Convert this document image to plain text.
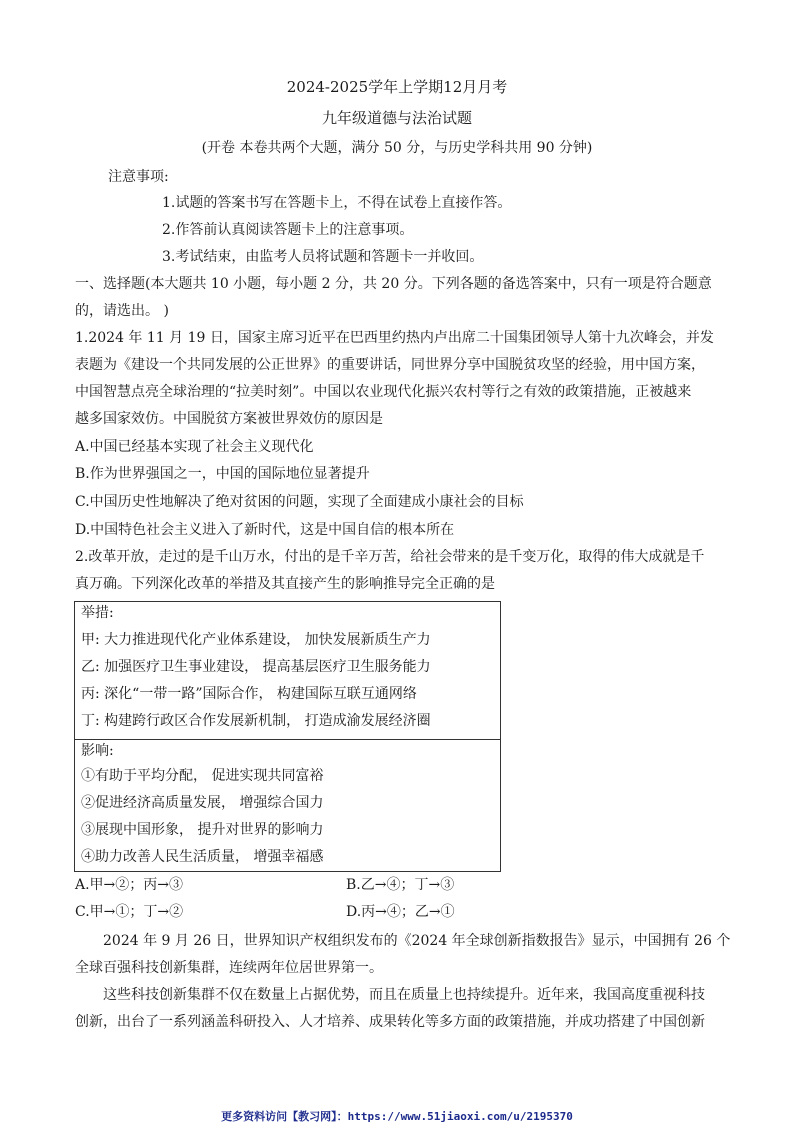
2024-2025学年上学期12月月考
九年级道德与法治试题
(开卷 本卷共两个大题，满分 50 分，与历史学科共用 90 分钟)
注意事项:
1.试题的答案书写在答题卡上，不得在试卷上直接作答。
2.作答前认真阅读答题卡上的注意事项。
3.考试结束，由监考人员将试题和答题卡一并收回。
一、选择题(本大题共 10 小题，每小题 2 分，共 20 分。下列各题的备选答案中，只有一项是符合题意
的，请选出。 )
1.2024 年 11 月 19 日，国家主席习近平在巴西里约热内卢出席二十国集团领导人第十九次峰会，并发
表题为《建设一个共同发展的公正世界》的重要讲话，同世界分享中国脱贫攻坚的经验，用中国方案，
中国智慧点亮全球治理的“拉美时刻”。中国以农业现代化振兴农村等行之有效的政策措施，正被越来
越多国家效仿。中国脱贫方案被世界效仿的原因是
A.中国已经基本实现了社会主义现代化
B.作为世界强国之一，中国的国际地位显著提升
C.中国历史性地解决了绝对贫困的问题，实现了全面建成小康社会的目标
D.中国特色社会主义进入了新时代，这是中国自信的根本所在
2.改革开放，走过的是千山万水，付出的是千辛万苦，给社会带来的是千变万化，取得的伟大成就是千
真万确。下列深化改革的举措及其直接产生的影响推导完全正确的是
举措:
甲: 大力推进现代化产业体系建设， 加快发展新质生产力
乙: 加强医疗卫生事业建设， 提高基层医疗卫生服务能力
丙: 深化“一带一路”国际合作， 构建国际互联互通网络
丁: 构建跨行政区合作发展新机制， 打造成渝发展经济圈
影响:
①有助于平均分配， 促进实现共同富裕
②促进经济高质量发展， 增强综合国力
③展现中国形象， 提升对世界的影响力
④助力改善人民生活质量， 增强幸福感
A.甲→②；丙→③	B.乙→④；丁→③
C.甲→①；丁→②	D.丙→④；乙→①
2024 年 9 月 26 日，世界知识产权组织发布的《2024 年全球创新指数报告》显示，中国拥有 26 个
全球百强科技创新集群，连续两年位居世界第一。
这些科技创新集群不仅在数量上占据优势，而且在质量上也持续提升。近年来，我国高度重视科技
创新，出台了一系列涵盖科研投入、人才培养、成果转化等多方面的政策措施，并成功搭建了中国创新
更多资料访问【教习网】：https://www.51jiaoxi.com/u/2195370
